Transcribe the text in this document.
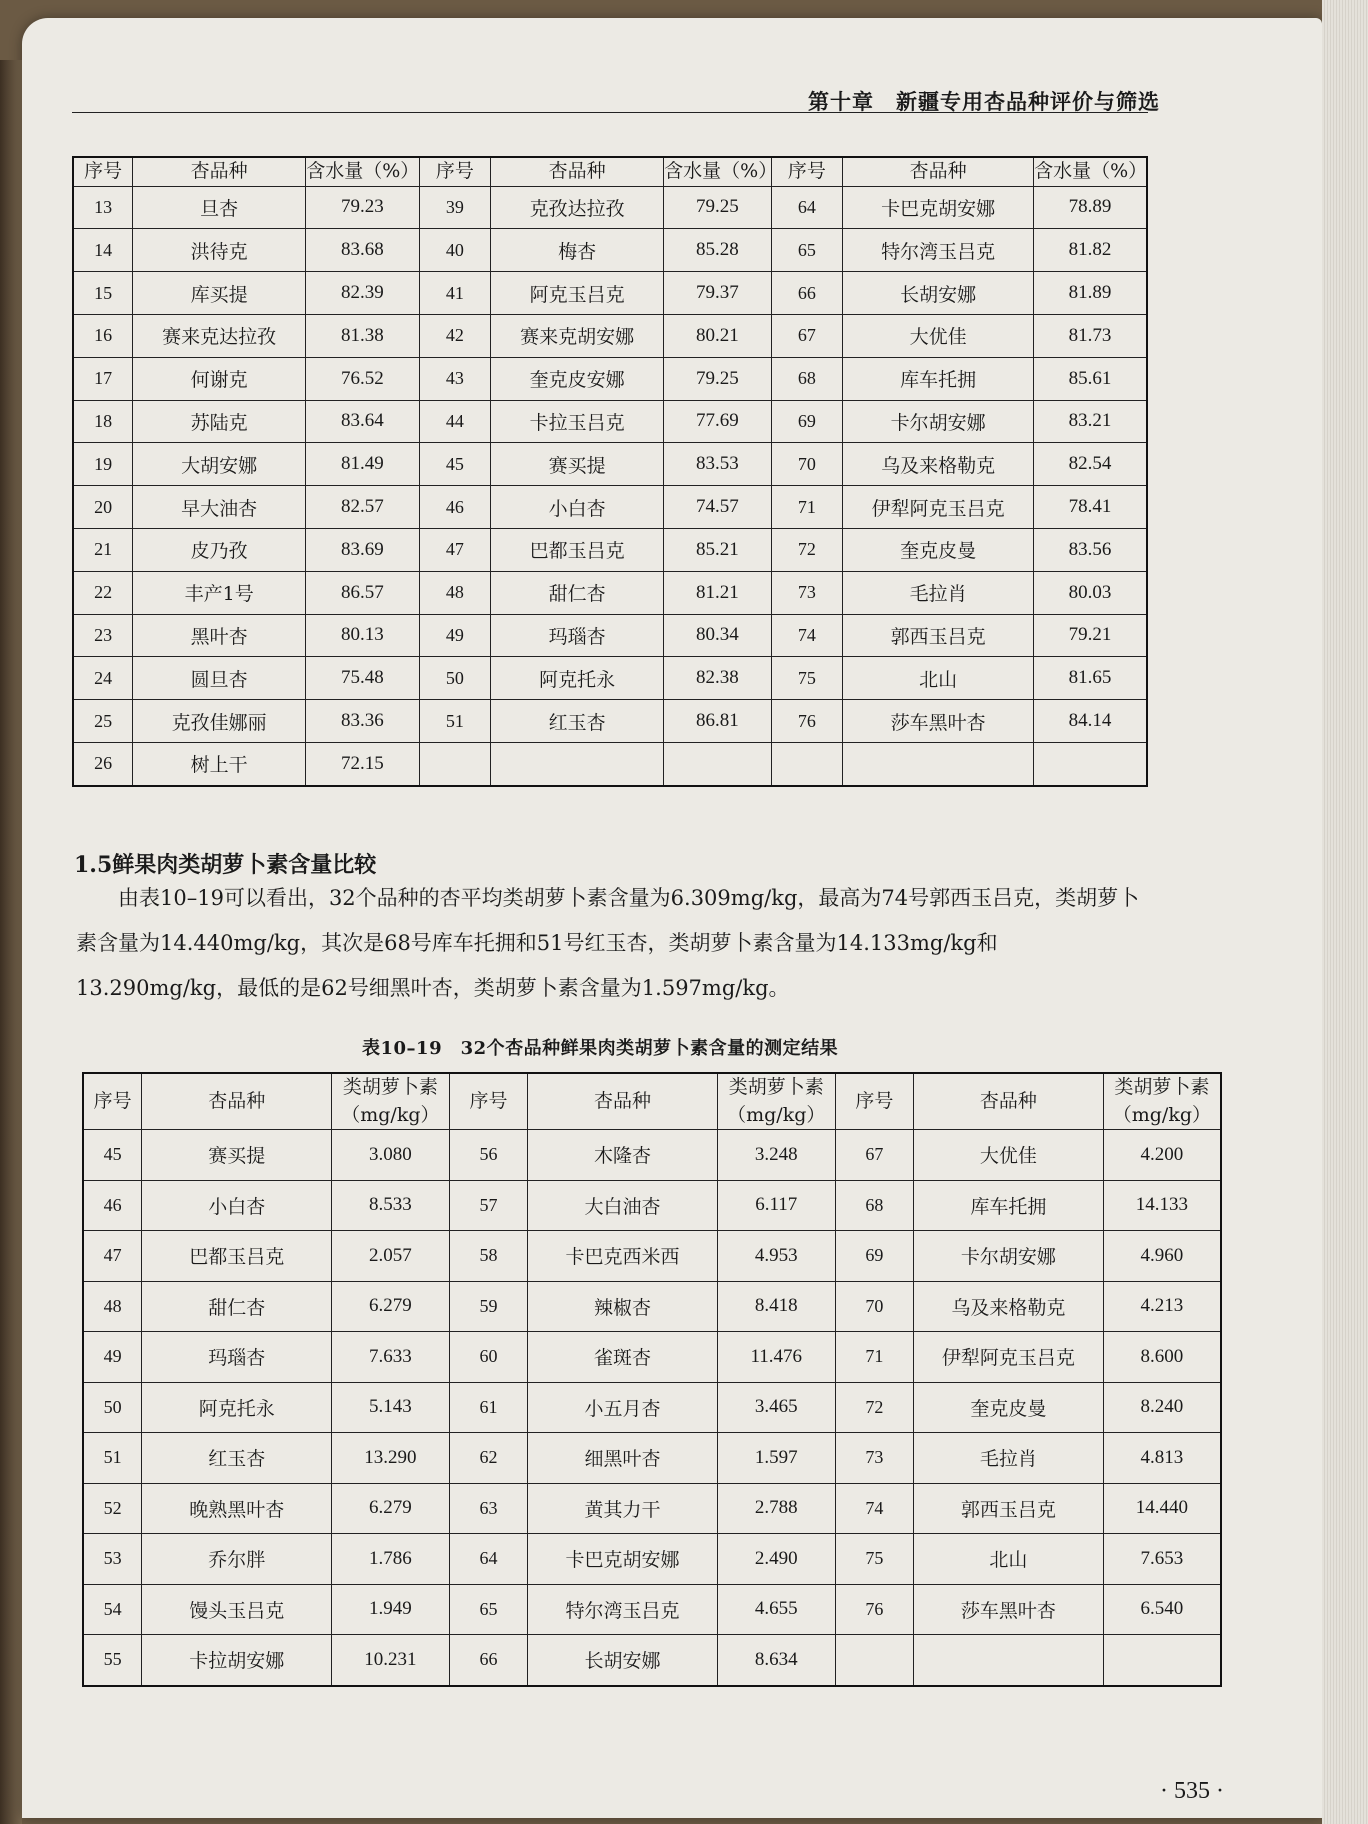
第十章　新疆专用杏品种评价与筛选
序号	杏品种	含水量（%）	序号	杏品种	含水量（%）	序号	杏品种	含水量（%）
13	旦杏	79.23	39	克孜达拉孜	79.25	64	卡巴克胡安娜	78.89
14	洪待克	83.68	40	梅杏	85.28	65	特尔湾玉吕克	81.82
15	库买提	82.39	41	阿克玉吕克	79.37	66	长胡安娜	81.89
16	赛来克达拉孜	81.38	42	赛来克胡安娜	80.21	67	大优佳	81.73
17	何谢克	76.52	43	奎克皮安娜	79.25	68	库车托拥	85.61
18	苏陆克	83.64	44	卡拉玉吕克	77.69	69	卡尔胡安娜	83.21
19	大胡安娜	81.49	45	赛买提	83.53	70	乌及来格勒克	82.54
20	早大油杏	82.57	46	小白杏	74.57	71	伊犁阿克玉吕克	78.41
21	皮乃孜	83.69	47	巴都玉吕克	85.21	72	奎克皮曼	83.56
22	丰产1号	86.57	48	甜仁杏	81.21	73	毛拉肖	80.03
23	黑叶杏	80.13	49	玛瑙杏	80.34	74	郭西玉吕克	79.21
24	圆旦杏	75.48	50	阿克托永	82.38	75	北山	81.65
25	克孜佳娜丽	83.36	51	红玉杏	86.81	76	莎车黑叶杏	84.14
26	树上干	72.15						
1.5鲜果肉类胡萝卜素含量比较
由表10–19可以看出，32个品种的杏平均类胡萝卜素含量为6.309mg/kg，最高为74号郭西玉吕克，类胡萝卜素含量为14.440mg/kg，其次是68号库车托拥和51号红玉杏，类胡萝卜素含量为14.133mg/kg和13.290mg/kg，最低的是62号细黑叶杏，类胡萝卜素含量为1.597mg/kg。
表10–19　32个杏品种鲜果肉类胡萝卜素含量的测定结果
序号	杏品种	类胡萝卜素（mg/kg）	序号	杏品种	类胡萝卜素（mg/kg）	序号	杏品种	类胡萝卜素（mg/kg）
45	赛买提	3.080	56	木隆杏	3.248	67	大优佳	4.200
46	小白杏	8.533	57	大白油杏	6.117	68	库车托拥	14.133
47	巴都玉吕克	2.057	58	卡巴克西米西	4.953	69	卡尔胡安娜	4.960
48	甜仁杏	6.279	59	辣椒杏	8.418	70	乌及来格勒克	4.213
49	玛瑙杏	7.633	60	雀斑杏	11.476	71	伊犁阿克玉吕克	8.600
50	阿克托永	5.143	61	小五月杏	3.465	72	奎克皮曼	8.240
51	红玉杏	13.290	62	细黑叶杏	1.597	73	毛拉肖	4.813
52	晚熟黑叶杏	6.279	63	黄其力干	2.788	74	郭西玉吕克	14.440
53	乔尔胖	1.786	64	卡巴克胡安娜	2.490	75	北山	7.653
54	馒头玉吕克	1.949	65	特尔湾玉吕克	4.655	76	莎车黑叶杏	6.540
55	卡拉胡安娜	10.231	66	长胡安娜	8.634			
· 535 ·
